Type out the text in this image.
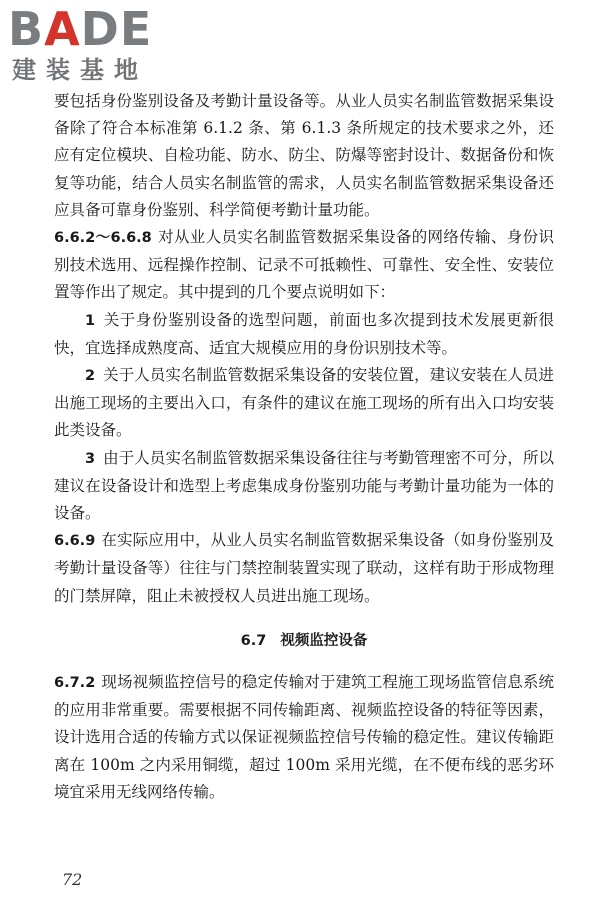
BADE
建装基地

要包括身份鉴别设备及考勤计量设备等。从业人员实名制监管数据采集设备除了符合本标准第 6.1.2 条、第 6.1.3 条所规定的技术要求之外，还应有定位模块、自检功能、防水、防尘、防爆等密封设计、数据备份和恢复等功能，结合人员实名制监管的需求，人员实名制监管数据采集设备还应具备可靠身份鉴别、科学简便考勤计量功能。

6.6.2～6.6.8 对从业人员实名制监管数据采集设备的网络传输、身份识别技术选用、远程操作控制、记录不可抵赖性、可靠性、安全性、安装位置等作出了规定。其中提到的几个要点说明如下：

1 关于身份鉴别设备的选型问题，前面也多次提到技术发展更新很快，宜选择成熟度高、适宜大规模应用的身份识别技术等。

2 关于人员实名制监管数据采集设备的安装位置，建议安装在人员进出施工现场的主要出入口，有条件的建议在施工现场的所有出入口均安装此类设备。

3 由于人员实名制监管数据采集设备往往与考勤管理密不可分，所以建议在设备设计和选型上考虑集成身份鉴别功能与考勤计量功能为一体的设备。

6.6.9 在实际应用中，从业人员实名制监管数据采集设备（如身份鉴别及考勤计量设备等）往往与门禁控制装置实现了联动，这样有助于形成物理的门禁屏障，阻止未被授权人员进出施工现场。

6.7 视频监控设备

6.7.2 现场视频监控信号的稳定传输对于建筑工程施工现场监管信息系统的应用非常重要。需要根据不同传输距离、视频监控设备的特征等因素，设计选用合适的传输方式以保证视频监控信号传输的稳定性。建议传输距离在 100m 之内采用铜缆，超过 100m 采用光缆，在不便布线的恶劣环境宜采用无线网络传输。

72
